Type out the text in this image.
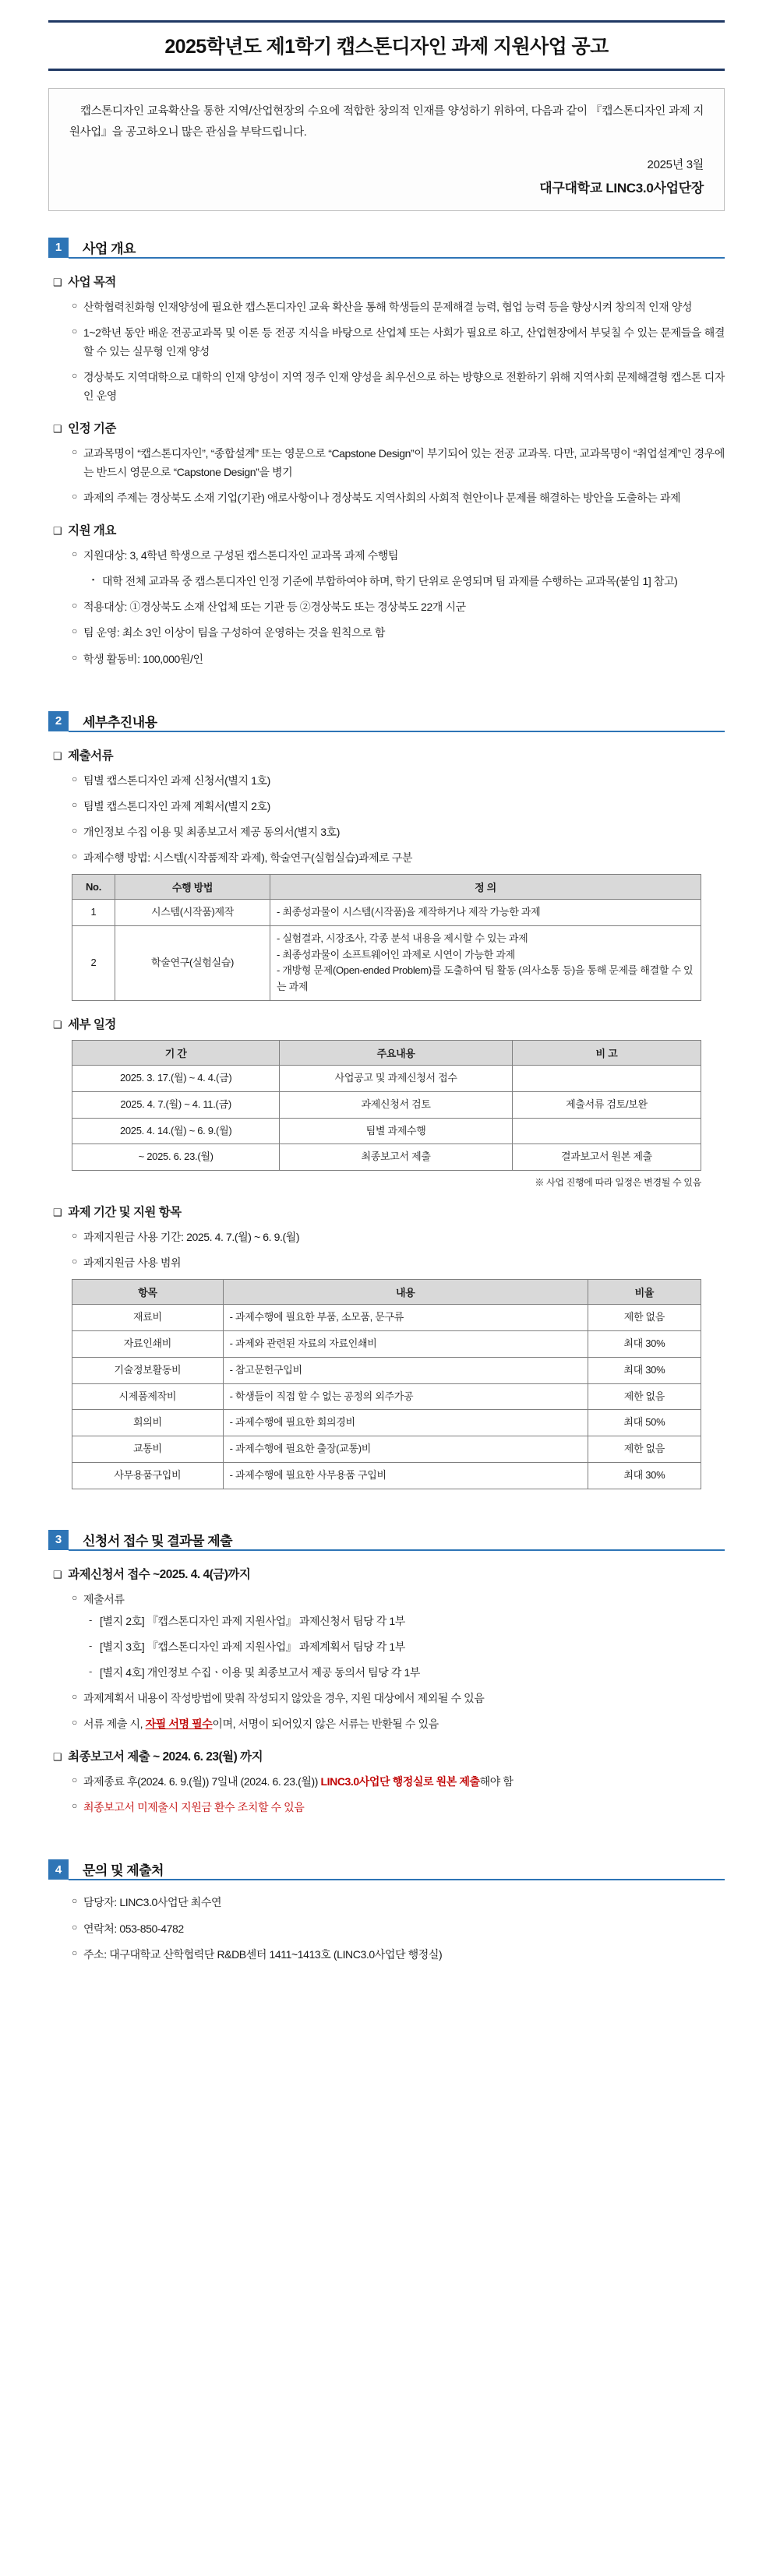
2025학년도 제1학기 캡스톤디자인 과제 지원사업 공고
캡스톤디자인 교육확산을 통한 지역/산업현장의 수요에 적합한 창의적 인재를 양성하기 위하여, 다음과 같이 『캡스톤디자인 과제 지원사업』을 공고하오니 많은 관심을 부탁드립니다.
2025년 3월
대구대학교 LINC3.0사업단장
1	사업 개요
❑ 사업 목적
○ 산학협력친화형 인재양성에 필요한 캡스톤디자인 교육 확산을 통해 학생들의 문제해결 능력, 협업 능력 등을 향상시켜 창의적 인재 양성
○ 1~2학년 동안 배운 전공교과목 및 이론 등 전공 지식을 바탕으로 산업체 또는 사회가 필요로 하고, 산업현장에서 부딪칠 수 있는 문제들을 해결할 수 있는 실무형 인재 양성
○ 경상북도 지역대학으로 대학의 인재 양성이 지역 정주 인재 양성을 최우선으로 하는 방향으로 전환하기 위해 지역사회 문제해결형 캡스톤 디자인 운영
❑ 인정 기준
○ 교과목명이 “캡스톤디자인”, “종합설계” 또는 영문으로 “Capstone Design”이 부기되어 있는 전공 교과목. 다만, 교과목명이 “취업설계”인 경우에는 반드시 영문으로 “Capstone Design”을 병기
○ 과제의 주제는 경상북도 소재 기업(기관) 애로사항이나 경상북도 지역사회의 사회적 현안이나 문제를 해결하는 방안을 도출하는 과제
❑ 지원 개요
○ 지원대상: 3, 4학년 학생으로 구성된 캡스톤디자인 교과목 과제 수행팀
▪ 대학 전체 교과목 중 캡스톤디자인 인정 기준에 부합하여야 하며, 학기 단위로 운영되며 팀 과제를 수행하는 교과목(붙임 1] 참고)
○ 적용대상: ①경상북도 소재 산업체 또는 기관 등 ②경상북도 또는 경상북도 22개 시군
○ 팀 운영: 최소 3인 이상이 팀을 구성하여 운영하는 것을 원칙으로 함
○ 학생 활동비: 100,000원/인
2	세부추진내용
❑ 제출서류
○ 팀별 캡스톤디자인 과제 신청서(별지 1호)
○ 팀별 캡스톤디자인 과제 계획서(별지 2호)
○ 개인정보 수집 이용 및 최종보고서 제공 동의서(별지 3호)
○ 과제수행 방법: 시스템(시작품제작 과제), 학술연구(실험실습)과제로 구분
No.	수행 방법	정 의
1	시스템(시작품)제작	- 최종성과물이 시스템(시작품)을 제작하거나 제작 가능한 과제

2	학술연구(실험실습)	- 실험결과, 시장조사, 각종 분석 내용을 제시할 수 있는 과제
- 최종성과물이 소프트웨어인 과제로 시연이 가능한 과제
- 개방형 문제(Open-ended Problem)를 도출하여 팀 활동 (의사소통 등)을 통해 문제를 해결할 수 있는 과제
❑ 세부 일정
기 간	주요내용	비 고
2025. 3. 17.(월) ~ 4. 4.(금)	사업공고 및 과제신청서 접수	
2025. 4. 7.(월) ~ 4. 11.(금)	과제신청서 검토	제출서류 검토/보완
2025. 4. 14.(월) ~ 6. 9.(월)	팀별 과제수행	
~ 2025. 6. 23.(월)	최종보고서 제출	결과보고서 원본 제출
※ 사업 진행에 따라 일정은 변경될 수 있음
❑ 과제 기간 및 지원 항목
○ 과제지원금 사용 기간: 2025. 4. 7.(월) ~ 6. 9.(월)
○ 과제지원금 사용 범위
항목	내용	비율
재료비	- 과제수행에 필요한 부품, 소모품, 문구류	제한 없음
자료인쇄비	- 과제와 관련된 자료의 자료인쇄비	최대 30%
기술정보활동비	- 참고문헌구입비	최대 30%
시제품제작비	- 학생들이 직접 할 수 없는 공정의 외주가공	제한 없음
회의비	- 과제수행에 필요한 회의경비	최대 50%
교통비	- 과제수행에 필요한 출장(교통)비	제한 없음
사무용품구입비	- 과제수행에 필요한 사무용품 구입비	최대 30%
3	신청서 접수 및 결과물 제출
❑ 과제신청서 접수 ~2025. 4. 4(금)까지
○ 제출서류
- [별지 2호] 『캡스톤디자인 과제 지원사업』 과제신청서 팀당 각 1부
- [별지 3호] 『캡스톤디자인 과제 지원사업』 과제계획서 팀당 각 1부
- [별지 4호] 개인정보 수집ㆍ이용 및 최종보고서 제공 동의서 팀당 각 1부
○ 과제계획서 내용이 작성방법에 맞춰 작성되지 않았을 경우, 지원 대상에서 제외될 수 있음
○ 서류 제출 시, 자필 서명 필수이며, 서명이 되어있지 않은 서류는 반환될 수 있음
❑ 최종보고서 제출 ~ 2024. 6. 23(월) 까지
○ 과제종료 후(2024. 6. 9.(월)) 7일내 (2024. 6. 23.(월)) LINC3.0사업단 행정실로 원본 제출해야 함
○ 최종보고서 미제출시 지원금 환수 조치할 수 있음
4	문의 및 제출처
○ 담당자: LINC3.0사업단 최수연
○ 연락처: 053-850-4782
○ 주소: 대구대학교 산학협력단 R&DB센터 1411~1413호 (LINC3.0사업단 행정실)
